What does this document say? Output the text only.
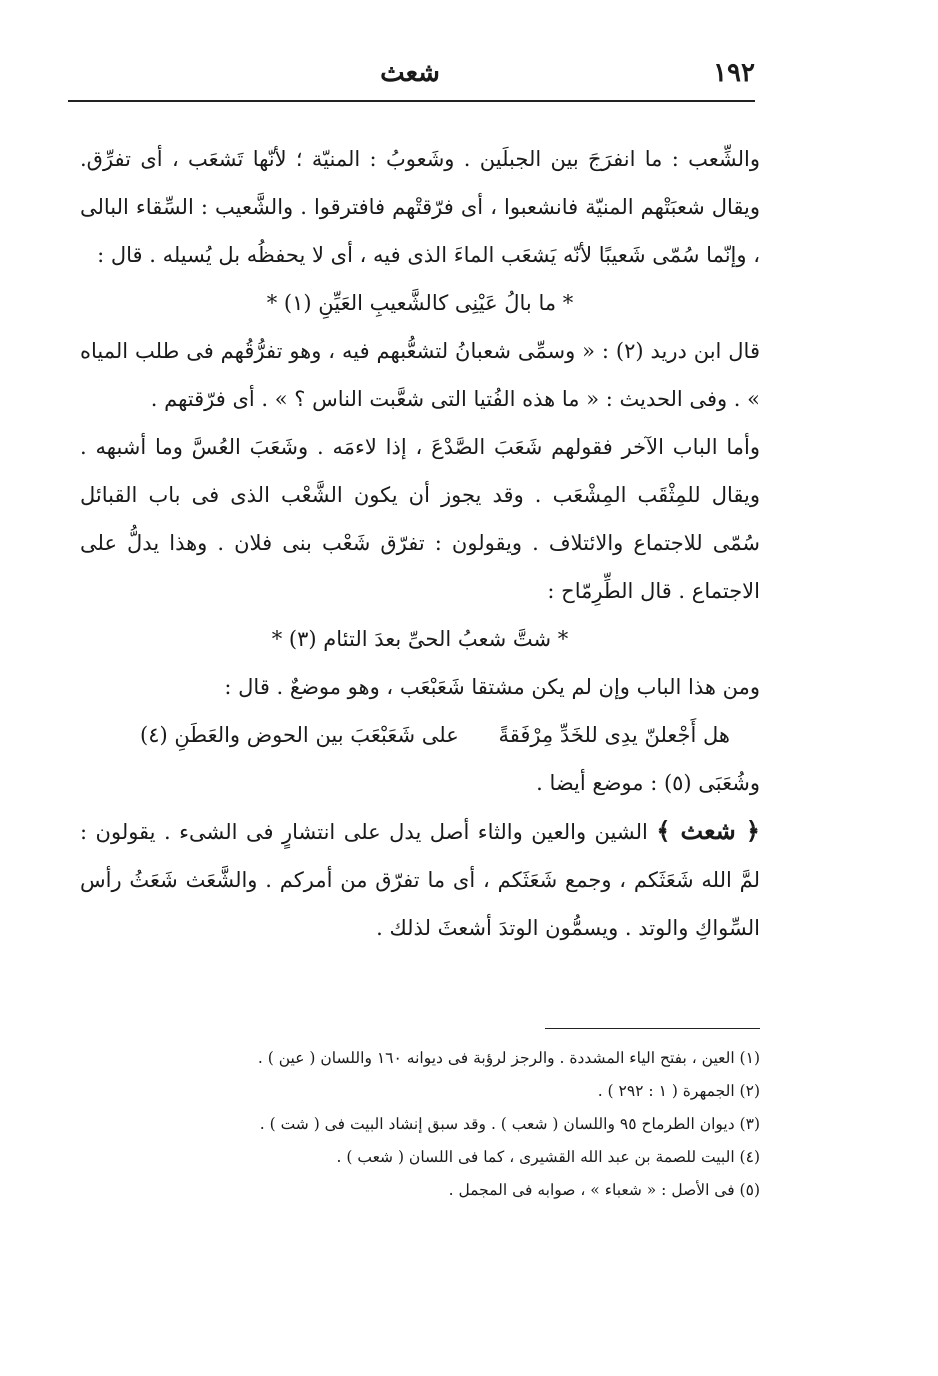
١٩٢
شعث

والشِّعب : ما انفرَجَ بين الجبلَين . وشَعوبُ : المنيّة ؛ لأنّها تَشعَب ، أى تفرِّق. ويقال شعبَتْهم المنيّة فانشعبوا ، أى فرّقتْهم فافترقوا . والشَّعيب : السِّقاء البالى ، وإنّما سُمّى شَعيبًا لأنّه يَشعَب الماءَ الذى فيه ، أى لا يحفظُه بل يُسيله . قال :

* ما بالُ عَيْنِى كالشَّعيبِ العَيِّنِ (١) *

قال ابن دريد (٢) : « وسمِّى شعبانُ لتشعُّبهم فيه ، وهو تفرُّقُهم فى طلب المياه » . وفى الحديث : « ما هذه الفُتيا التى شعَّبت الناس ؟ » . أى فرّقتهم .

وأما الباب الآخر فقولهم شَعَبَ الصَّدْعَ ، إذا لاءمَه . وشَعَبَ العُسَّ وما أشبهه . ويقال للمِثْقَب المِشْعَب . وقد يجوز أن يكون الشَّعْب الذى فى باب القبائل سُمّى للاجتماع والائتلاف . ويقولون : تفرّق شَعْب بنى فلان . وهذا يدلُّ على الاجتماع . قال الطِّرِمّاح :

* شتَّ شعبُ الحىِّ بعدَ التئام (٣) *

ومن هذا الباب وإن لم يكن مشتقا شَعَبْعَب ، وهو موضعٌ . قال :

هل أَجْعلنّ يدِى للخَدِّ مِرْفَقةً
على شَعَبْعَبَ بين الحوض والعَطَنِ (٤)

وشُعَبَى (٥) : موضع أيضا .

﴿ شعث ﴾ الشين والعين والثاء أصل يدل على انتشارٍ فى الشىء . يقولون : لمَّ الله شَعَثَكم ، وجمع شَعَثَكم ، أى ما تفرّق من أمركم . والشَّعَث شَعَثُ رأس السِّواكِ والوتد . ويسمُّون الوتدَ أشعثَ لذلك .

(١) العين ، بفتح الياء المشددة . والرجز لرؤبة فى ديوانه ١٦٠ واللسان ( عين ) .

(٢) الجمهرة ( ١ : ٢٩٢ ) .

(٣) ديوان الطرماح ٩٥ واللسان ( شعب ) . وقد سبق إنشاد البيت فى ( شت ) .

(٤) البيت للصمة بن عبد الله القشيرى ، كما فى اللسان ( شعب ) .

(٥) فى الأصل : « شعباء » ، صوابه فى المجمل .
